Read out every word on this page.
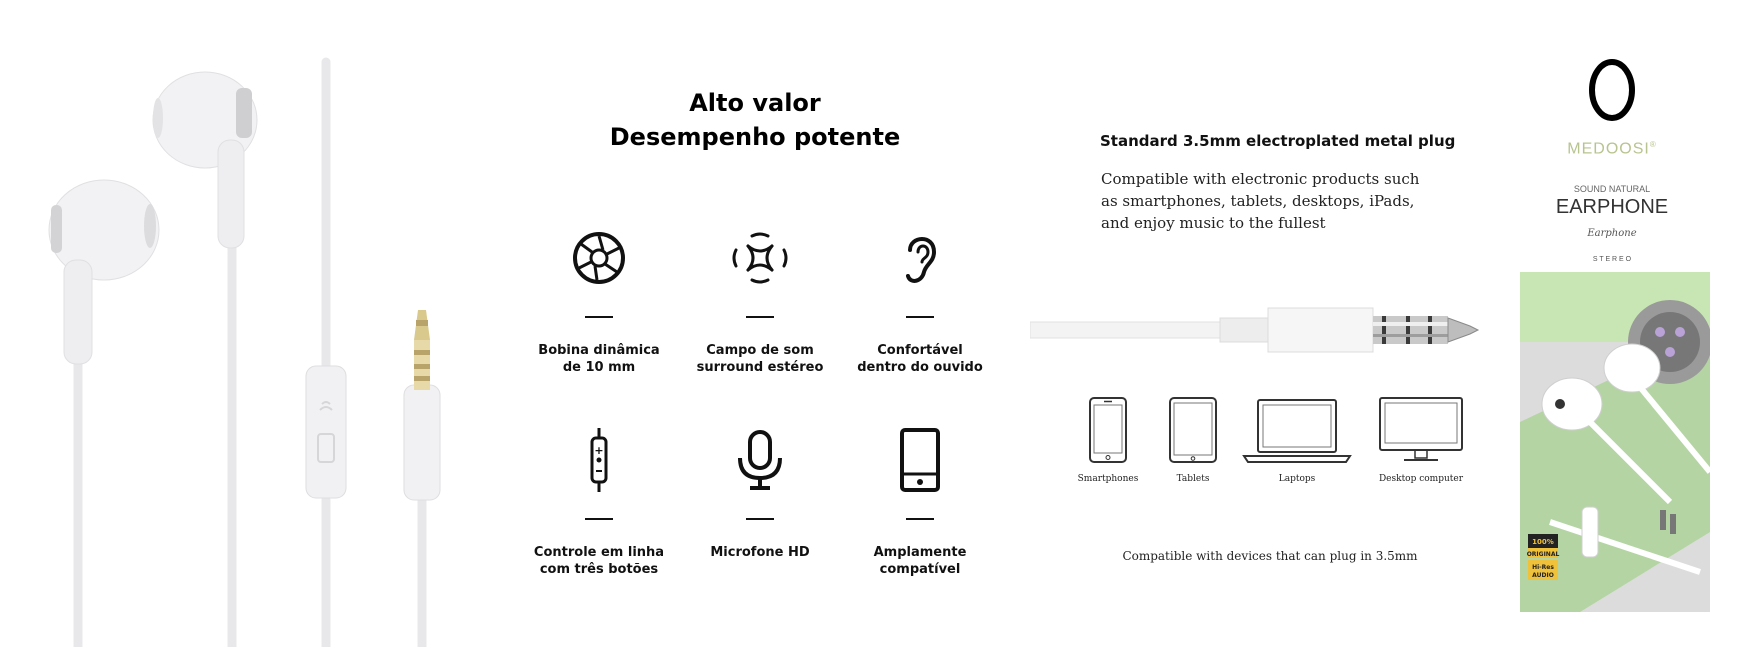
Alto valor
Desempenho potente
Bobina dinâmica
de 10 mm
Campo de som
surround estéreo
Confortável
dentro do ouvido
+
Controle em linha
com três botões
Microfone HD	Amplamente
compatível
Standard 3.5mm electroplated metal plug
Compatible with electronic products such
as smartphones, tablets, desktops, iPads,
and enjoy music to the fullest
Smartphones	Tablets	Laptops	Desktop computer
Compatible with devices that can plug in 3.5mm
MEDOOSI®
SOUND NATURAL
EARPHONE
Earphone
S T E R E O
100%
ORIGINAL
Hi-Res
AUDIO
